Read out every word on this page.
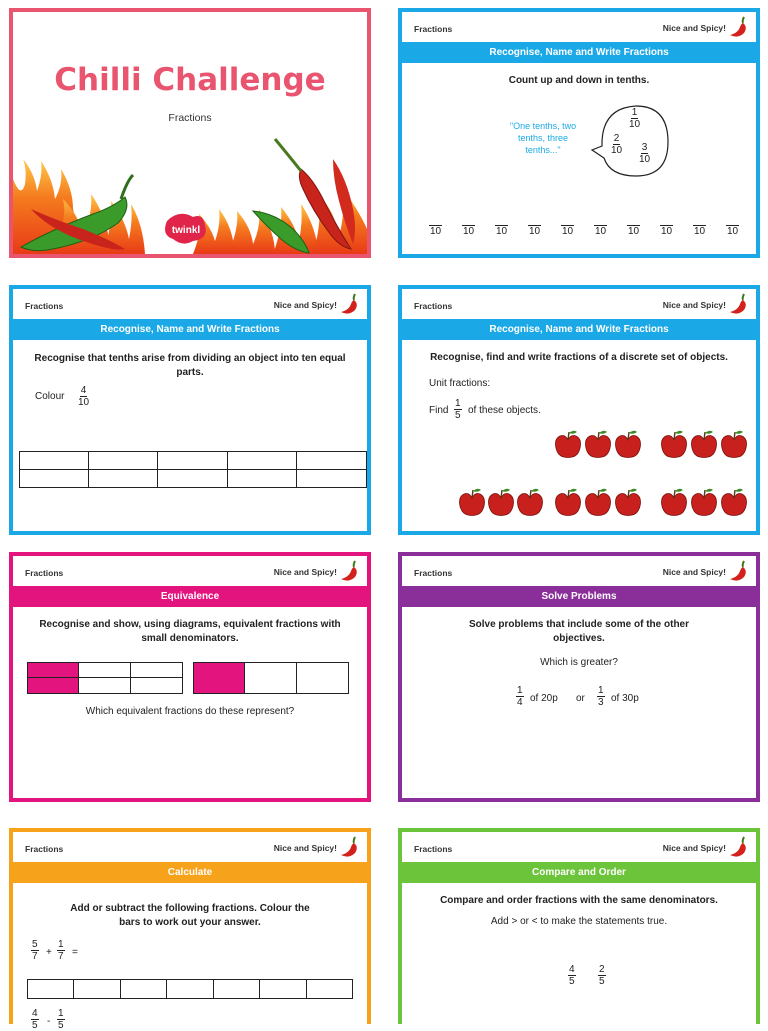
Chilli Challenge
Fractions
twinkl
Fractions	Nice and Spicy!
Recognise, Name and Write Fractions
Count up and down in tenths.
"One tenths, two tenths, three tenths..."
$\frac{1}{10}$
$\frac{2}{10} \frac{3}{10}$
10 10 10 10 10 10 10 10 10 10
Fractions	Nice and Spicy!
Recognise, Name and Write Fractions
Recognise that tenths arise from dividing an object into ten equal parts.
Colour $\frac{4}{10}$
Fractions	Nice and Spicy!
Recognise, Name and Write Fractions
Recognise, find and write fractions of a discrete set of objects.
Unit fractions:
Find $\frac{1}{5}$ of these objects.
Fractions	Nice and Spicy!
Equivalence
Recognise and show, using diagrams, equivalent fractions with small denominators.
Which equivalent fractions do these represent?
Fractions	Nice and Spicy!
Solve Problems
Solve problems that include some of the other objectives.
Which is greater?
$\frac{1}{4}$ of 20p or $\frac{1}{3}$ of 30p
Fractions	Nice and Spicy!
Calculate
Add or subtract the following fractions. Colour the bars to work out your answer.
$\frac{5}{7} + \frac{1}{7}$ =
$\frac{4}{5} - \frac{1}{5}$
Fractions	Nice and Spicy!
Compare and Order
Compare and order fractions with the same denominators.
Add > or < to make the statements true.
$\frac{4}{5} \frac{2}{5}$
